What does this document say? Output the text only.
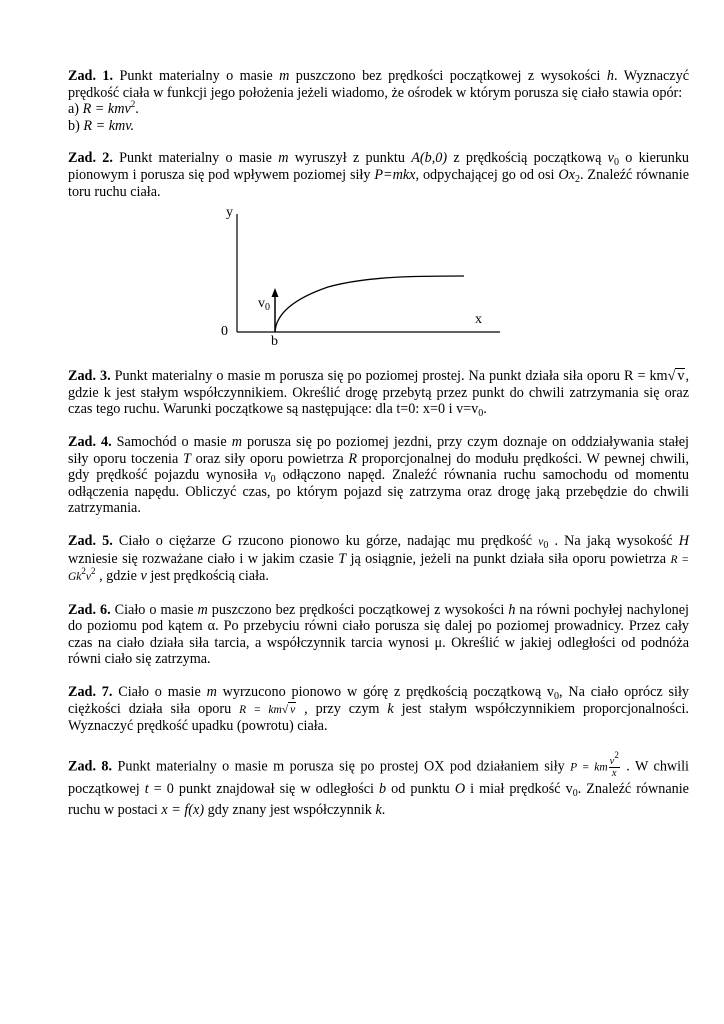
Zad. 1. Punkt materialny o masie m puszczono bez prędkości początkowej z wysokości h. Wyznaczyć prędkość ciała w funkcji jego położenia jeżeli wiadomo, że ośrodek w którym porusza się ciało stawia opór:

a) R = kmv$^2$.

b) R = kmv.

Zad. 2. Punkt materialny o masie m wyruszył z punktu A(b,0) z prędkością początkową $v_0$ o kierunku pionowym i porusza się pod wpływem poziomej siły P=mkx, odpychającej go od osi $Ox_2$. Znaleźć równanie toru ruchu ciała.

y
x
0
b
$v_0$

Zad. 3. Punkt materialny o masie m porusza się po poziomej prostej. Na punkt działa siła oporu R = km√ v, gdzie k jest stałym współczynnikiem. Określić drogę przebytą przez punkt do chwili zatrzymania się oraz czas tego ruchu. Warunki początkowe są następujące: dla t=0: x=0 i $v=v_0$.

Zad. 4. Samochód o masie m porusza się po poziomej jezdni, przy czym doznaje on oddziaływania stałej siły oporu toczenia T oraz siły oporu powietrza R proporcjonalnej do modułu prędkości. W pewnej chwili, gdy prędkość pojazdu wynosiła $v_0$ odłączono napęd. Znaleźć równania ruchu samochodu od momentu odłączenia napędu. Obliczyć czas, po którym pojazd się zatrzyma oraz drogę jaką przebędzie do chwili zatrzymania.

Zad. 5. Ciało o ciężarze G rzucono pionowo ku górze, nadając mu prędkość $v_0$ . Na jaką wysokość H wzniesie się rozważane ciało i w jakim czasie T ją osiągnie, jeżeli na punkt działa siła oporu powietrza $R = Gk^2v^2$ , gdzie v jest prędkością ciała.

Zad. 6. Ciało o masie m puszczono bez prędkości początkowej z wysokości h na równi pochyłej nachylonej do poziomu pod kątem α. Po przebyciu równi ciało porusza się dalej po poziomej prowadnicy. Przez cały czas na ciało działa siła tarcia, a współczynnik tarcia wynosi μ. Określić w jakiej odległości od podnóża równi ciało się zatrzyma.

Zad. 7. Ciało o masie m wyrzucono pionowo w górę z prędkością początkową $v_0$, Na ciało oprócz siły ciężkości działa siła oporu R = km√ v , przy czym k jest stałym współczynnikiem proporcjonalności. Wyznaczyć prędkość upadku (powrotu) ciała.

Zad. 8. Punkt materialny o masie m porusza się po prostej OX pod działaniem siły P = km $\frac{v^2}{x}$ . W chwili początkowej t = 0 punkt znajdował się w odległości b od punktu O i miał prędkość $v_0$. Znaleźć równanie ruchu w postaci x = f(x) gdy znany jest współczynnik k.
